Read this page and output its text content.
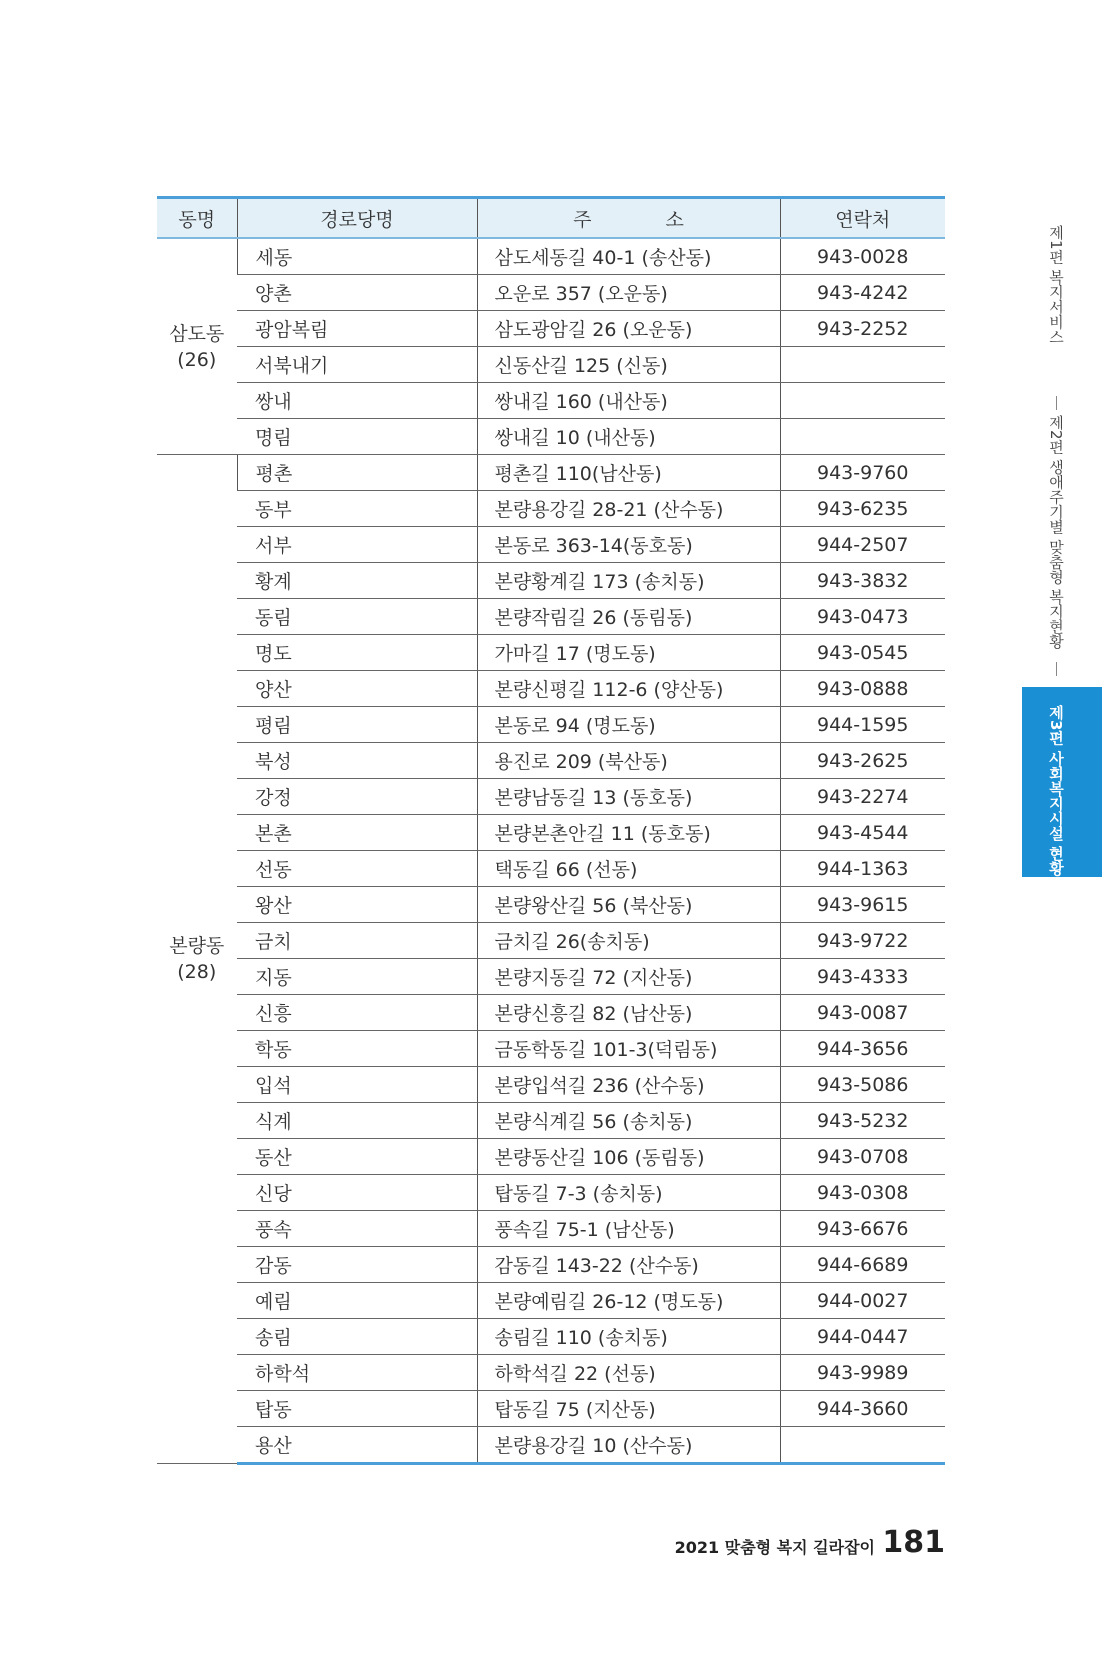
동명	경로당명	주 소	연락처

삼도동
(26)	세동	삼도세동길 40-1 (송산동)	943-0028
	양촌	오운로 357 (오운동)	943-4242
	광암복림	삼도광암길 26 (오운동)	943-2252
	서북내기	신동산길 125 (신동)	
	쌍내	쌍내길 160 (내산동)	
	명림	쌍내길 10 (내산동)	

본량동
(28)	평촌	평촌길 110(남산동)	943-9760
	동부	본량용강길 28-21 (산수동)	943-6235
	서부	본동로 363-14(동호동)	944-2507
	황계	본량황계길 173 (송치동)	943-3832
	동림	본량작림길 26 (동림동)	943-0473
	명도	가마길 17 (명도동)	943-0545
	양산	본량신평길 112-6 (양산동)	943-0888
	평림	본동로 94 (명도동)	944-1595
	북성	용진로 209 (북산동)	943-2625
	강정	본량남동길 13 (동호동)	943-2274
	본촌	본량본촌안길 11 (동호동)	943-4544
	선동	택동길 66 (선동)	944-1363
	왕산	본량왕산길 56 (북산동)	943-9615
	금치	금치길 26(송치동)	943-9722
	지동	본량지동길 72 (지산동)	943-4333
	신흥	본량신흥길 82 (남산동)	943-0087
	학동	금동학동길 101-3(덕림동)	944-3656
	입석	본량입석길 236 (산수동)	943-5086
	식계	본량식계길 56 (송치동)	943-5232
	동산	본량동산길 106 (동림동)	943-0708
	신당	탑동길 7-3 (송치동)	943-0308
	풍속	풍속길 75-1 (남산동)	943-6676
	감동	감동길 143-22 (산수동)	944-6689
	예림	본량예림길 26-12 (명도동)	944-0027
	송림	송림길 110 (송치동)	944-0447
	하학석	하학석길 22 (선동)	943-9989
	탑동	탑동길 75 (지산동)	944-3660
	용산	본량용강길 10 (산수동)	
제1편 복지서비스
제2편 생애주기별 맞춤형 복지현황
제3편 사회복지시설 현황
2021 맞춤형 복지 길라잡이 181
